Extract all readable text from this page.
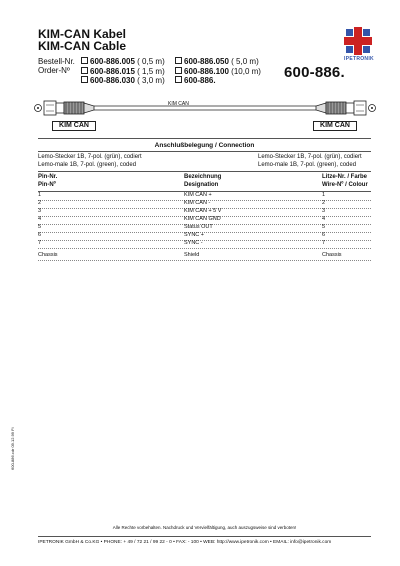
KIM-CAN Kabel
KIM-CAN Cable
IPETRONIK
Bestell-Nr.
Order-Nº
600-886.005 ( 0,5 m)
600-886.015 ( 1,5 m)
600-886.030 ( 3,0 m)
600-886.050 ( 5,0 m)
600-886.100 (10,0 m)
600-886.	600-886.
KIM CAN
KIM CAN	KIM CAN
Anschlußbelegung / Connection
Lemo-Stecker 1B, 7-pol. (grün), codiert
Lemo-male 1B, 7-pol. (green), coded
Lemo-Stecker 1B, 7-pol. (grün), codiert
Lemo-male 1B, 7-pol. (green), coded
Pin-Nr.
Pin-Nº
Bezeichnung
Designation
Litze-Nr. / Farbe
Wire-Nº / Colour
1	KIM CAN +	1
2	KIM CAN -	2
3	KIM CAN + 5 V	3
4	KIM CAN GND	4
5	Status OUT	5
6	SYNC +	6
7	SYNC -	7
Chassis	Shield	Chassis
Alle Rechte vorbehalten. Nachdruck und Vervielfältigung, auch auszugsweise sind verboten!
IPETRONIK GmbH & Co.KG • PHONE: + 49 / 72 21 / 99 22 - 0 • FAX: - 100 • WEB: http://www.ipetronik.com • EMAIL: info@ipetronik.com
600-886.cdr 09.12.99 Fi
